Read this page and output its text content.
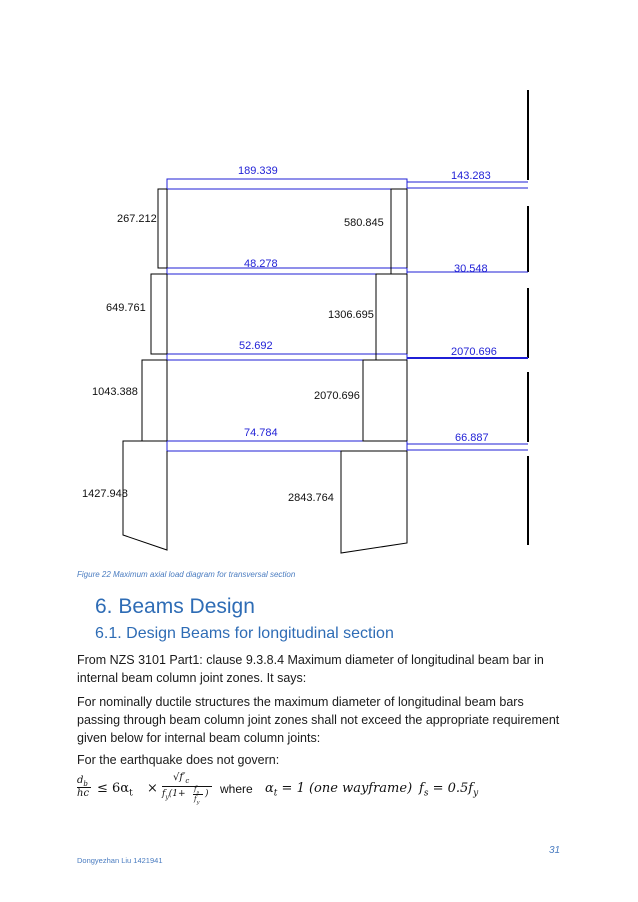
189.339	143.283
267.212	580.845
48.278	30.548
649.761
1306.695
52.692	2070.696
1043.388	2070.696
74.784	66.887
1427.948	2843.764
Figure 22 Maximum axial load diagram for transversal section
6. Beams Design
6.1. Design Beams for longitudinal section
From NZS 3101 Part1: clause 9.3.8.4 Maximum diameter of longitudinal beam bar in internal beam column joint zones. It says:
For nominally ductile structures the maximum diameter of longitudinal beam bars passing through beam column joint zones shall not exceed the appropriate requirement given below for internal beam column joints:
For the earthquake does not govern:
$d_b$
hc ≤ $6\alpha_t$ ×
$√f'_c$
$f_y(1+ f_s$
$f_y$
) where $\alpha_t = 1$ (one wayframe) $f_s = 0.5f_y$
31
Dongyezhan Liu 1421941
